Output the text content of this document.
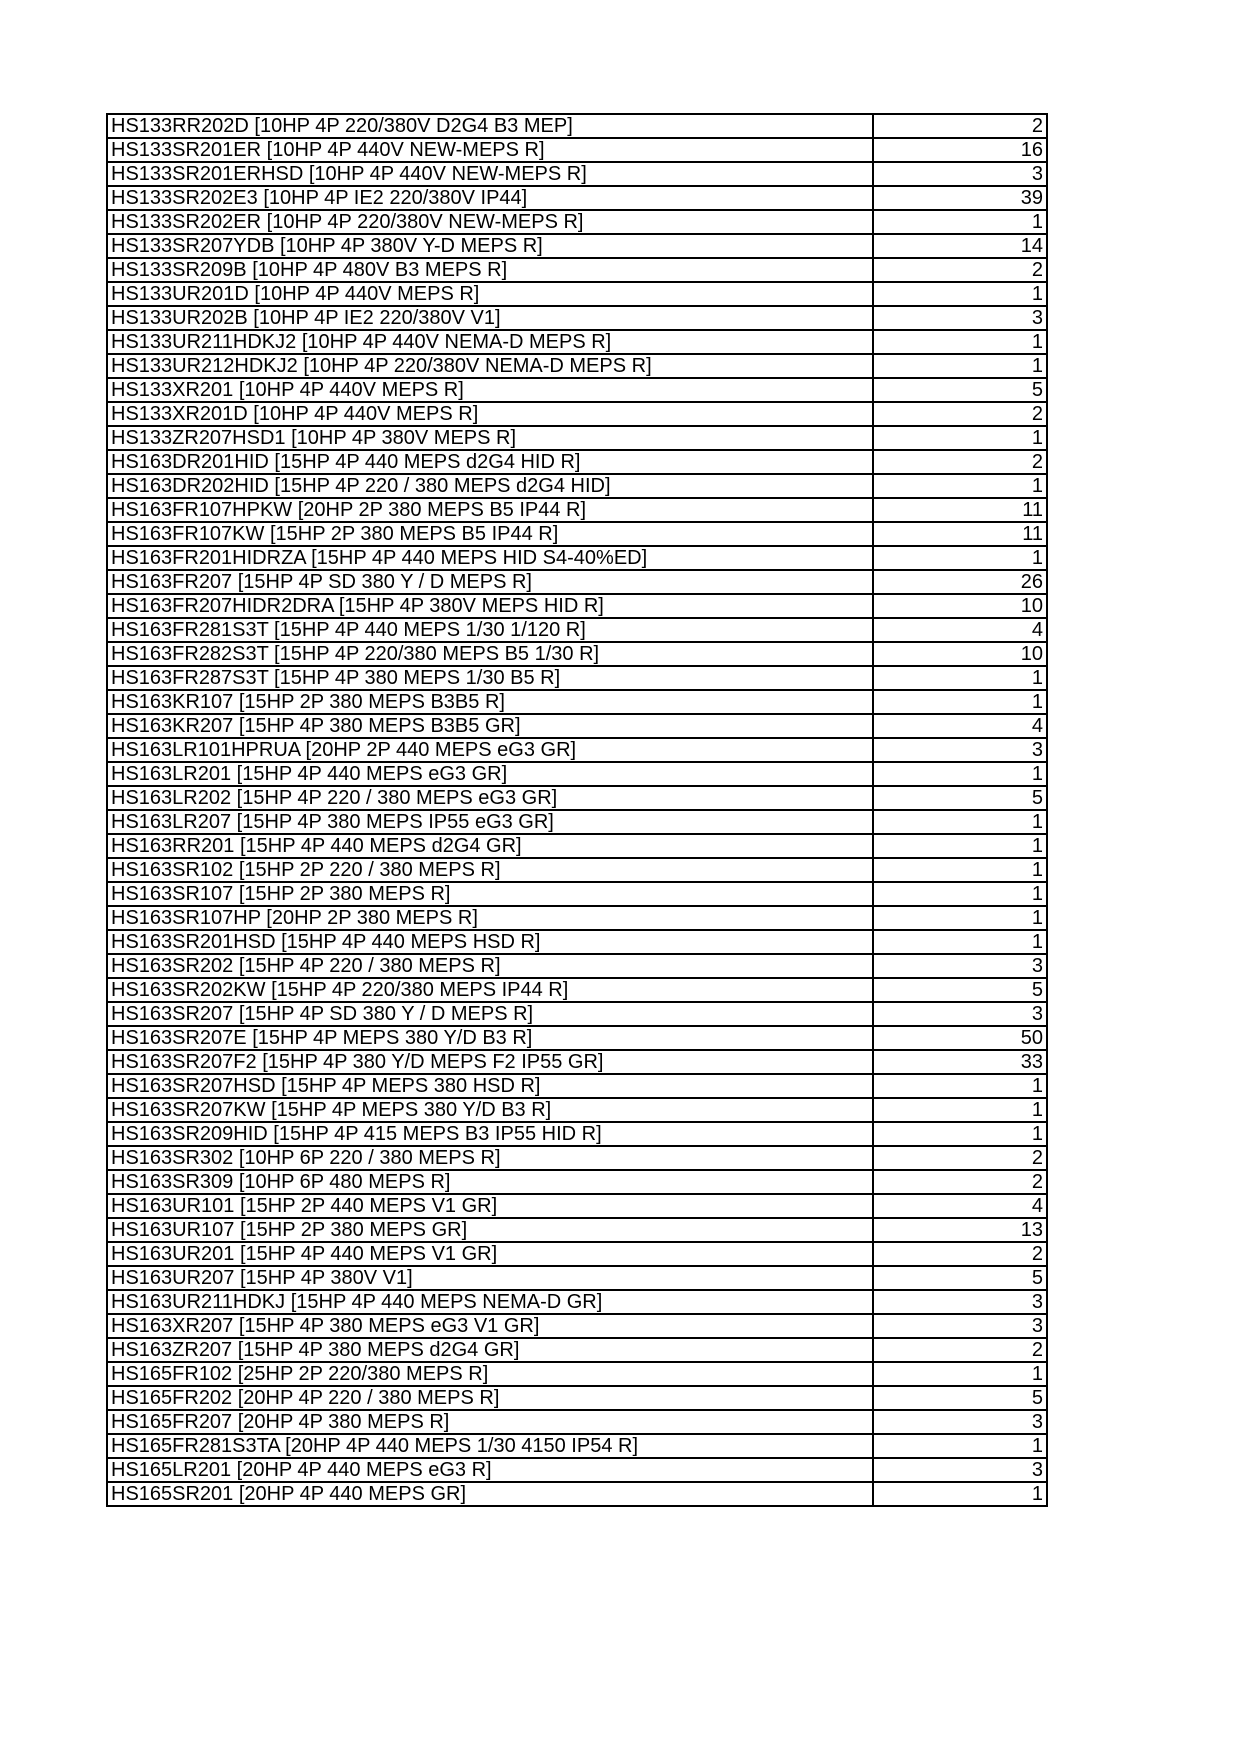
HS133RR202D [10HP 4P 220/380V D2G4 B3 MEP]	2
HS133SR201ER [10HP 4P 440V NEW-MEPS R]	16
HS133SR201ERHSD [10HP 4P 440V NEW-MEPS R]	3
HS133SR202E3 [10HP 4P IE2 220/380V IP44]	39
HS133SR202ER [10HP 4P 220/380V NEW-MEPS R]	1
HS133SR207YDB [10HP 4P 380V Y-D MEPS R]	14
HS133SR209B [10HP 4P 480V B3 MEPS R]	2
HS133UR201D [10HP 4P 440V MEPS R]	1
HS133UR202B [10HP 4P IE2 220/380V V1]	3
HS133UR211HDKJ2 [10HP 4P 440V NEMA-D MEPS R]	1
HS133UR212HDKJ2 [10HP 4P 220/380V NEMA-D MEPS R]	1
HS133XR201 [10HP 4P 440V MEPS R]	5
HS133XR201D [10HP 4P 440V MEPS R]	2
HS133ZR207HSD1 [10HP 4P 380V MEPS R]	1
HS163DR201HID [15HP 4P 440 MEPS d2G4 HID R]	2
HS163DR202HID [15HP 4P 220 / 380 MEPS d2G4 HID]	1
HS163FR107HPKW [20HP 2P 380 MEPS B5 IP44 R]	11
HS163FR107KW [15HP 2P 380 MEPS B5 IP44 R]	11
HS163FR201HIDRZA [15HP 4P 440 MEPS HID S4-40%ED]	1
HS163FR207 [15HP 4P SD 380 Y / D MEPS R]	26
HS163FR207HIDR2DRA [15HP 4P 380V MEPS HID R]	10
HS163FR281S3T [15HP 4P 440 MEPS 1/30 1/120 R]	4
HS163FR282S3T [15HP 4P 220/380 MEPS B5 1/30 R]	10
HS163FR287S3T [15HP 4P 380 MEPS 1/30 B5 R]	1
HS163KR107 [15HP 2P 380 MEPS B3B5 R]	1
HS163KR207 [15HP 4P 380 MEPS B3B5 GR]	4
HS163LR101HPRUA [20HP 2P 440 MEPS eG3 GR]	3
HS163LR201 [15HP 4P 440 MEPS eG3 GR]	1
HS163LR202 [15HP 4P 220 / 380 MEPS eG3 GR]	5
HS163LR207 [15HP 4P 380 MEPS IP55 eG3 GR]	1
HS163RR201 [15HP 4P 440 MEPS d2G4 GR]	1
HS163SR102 [15HP 2P 220 / 380 MEPS R]	1
HS163SR107 [15HP 2P 380 MEPS R]	1
HS163SR107HP [20HP 2P 380 MEPS R]	1
HS163SR201HSD [15HP 4P 440 MEPS HSD R]	1
HS163SR202 [15HP 4P 220 / 380 MEPS R]	3
HS163SR202KW [15HP 4P 220/380 MEPS IP44 R]	5
HS163SR207 [15HP 4P SD 380 Y / D MEPS R]	3
HS163SR207E [15HP 4P MEPS 380 Y/D B3 R]	50
HS163SR207F2 [15HP 4P 380 Y/D MEPS F2 IP55 GR]	33
HS163SR207HSD [15HP 4P MEPS 380 HSD R]	1
HS163SR207KW [15HP 4P MEPS 380 Y/D B3 R]	1
HS163SR209HID [15HP 4P 415 MEPS B3 IP55 HID R]	1
HS163SR302 [10HP 6P 220 / 380 MEPS R]	2
HS163SR309 [10HP 6P 480 MEPS R]	2
HS163UR101 [15HP 2P 440 MEPS V1 GR]	4
HS163UR107 [15HP 2P 380 MEPS GR]	13
HS163UR201 [15HP 4P 440 MEPS V1 GR]	2
HS163UR207 [15HP 4P 380V V1]	5
HS163UR211HDKJ [15HP 4P 440 MEPS NEMA-D GR]	3
HS163XR207 [15HP 4P 380 MEPS eG3 V1 GR]	3
HS163ZR207 [15HP 4P 380 MEPS d2G4 GR]	2
HS165FR102 [25HP 2P 220/380 MEPS R]	1
HS165FR202 [20HP 4P 220 / 380 MEPS R]	5
HS165FR207 [20HP 4P 380 MEPS R]	3
HS165FR281S3TA [20HP 4P 440 MEPS 1/30 4150 IP54 R]	1
HS165LR201 [20HP 4P 440 MEPS eG3 R]	3
HS165SR201 [20HP 4P 440 MEPS GR]	1
